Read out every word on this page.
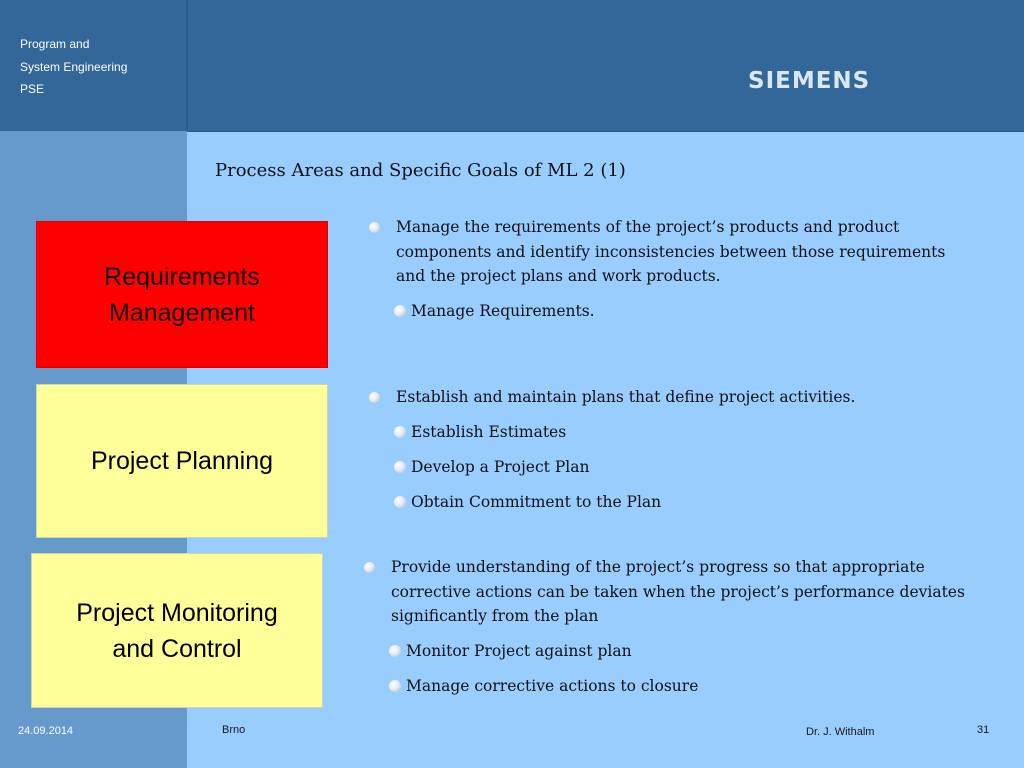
Program and
System Engineering
PSE	SIEMENS
Process Areas and Specific Goals of ML 2 (1)
Requirements
Management
Project Planning
Project Monitoring
and Control
Manage the requirements of the project’s products and product
components and identify inconsistencies between those requirements
and the project plans and work products.
Manage Requirements.
Establish and maintain plans that define project activities.
Establish Estimates
Develop a Project Plan
Obtain Commitment to the Plan
Provide understanding of the project’s progress so that appropriate
corrective actions can be taken when the project’s performance deviates
significantly from the plan
Monitor Project against plan
Manage corrective actions to closure
24.09.2014	Brno	Dr. J. Withalm	31
